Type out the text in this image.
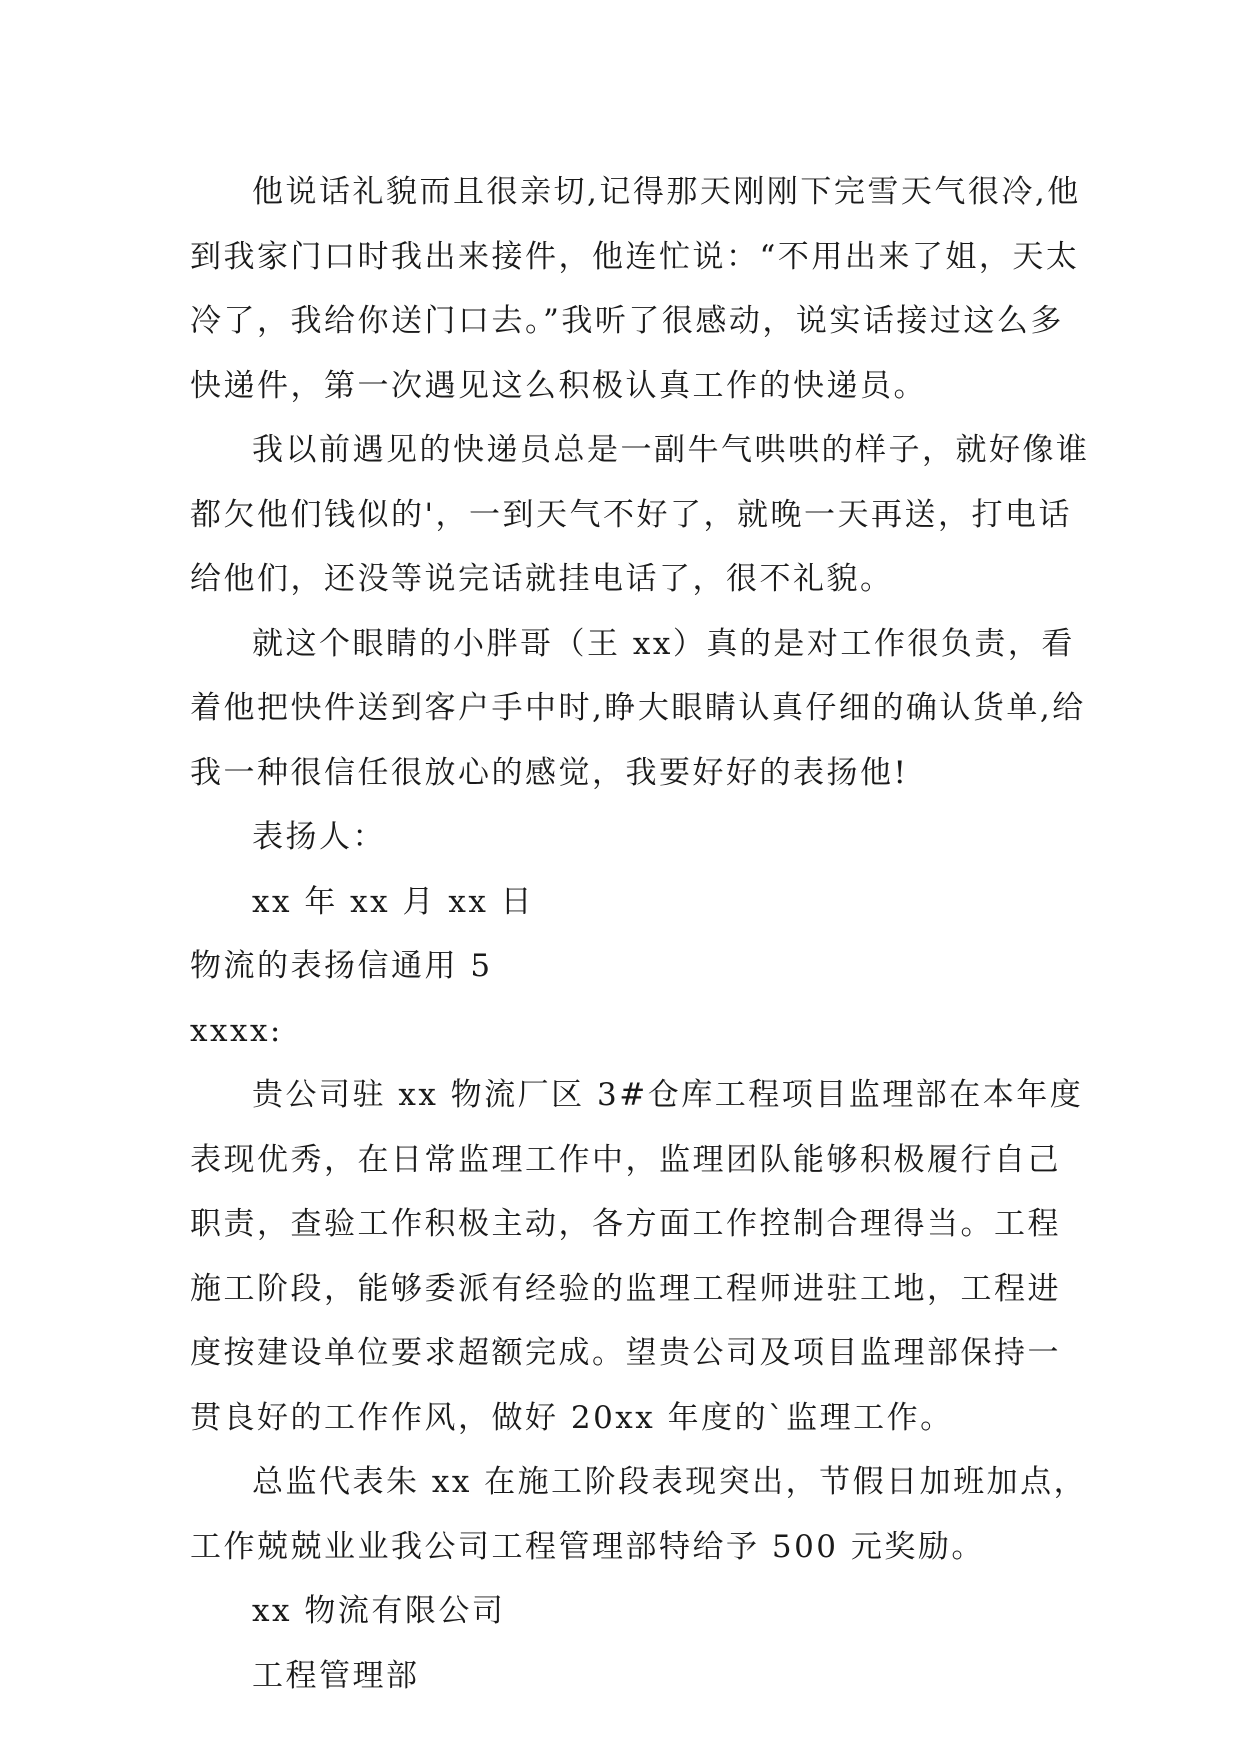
他说话礼貌而且很亲切,记得那天刚刚下完雪天气很冷,他到我家门口时我出来接件，他连忙说：“不用出来了姐，天太冷了，我给你送门口去。”我听了很感动，说实话接过这么多快递件，第一次遇见这么积极认真工作的快递员。

我以前遇见的快递员总是一副牛气哄哄的样子，就好像谁都欠他们钱似的'，一到天气不好了，就晚一天再送，打电话给他们，还没等说完话就挂电话了，很不礼貌。

就这个眼睛的小胖哥（王 xx）真的是对工作很负责，看着他把快件送到客户手中时,睁大眼睛认真仔细的确认货单,给我一种很信任很放心的感觉，我要好好的表扬他!

表扬人：

xx 年 xx 月 xx 日

物流的表扬信通用 5

xxxx:

贵公司驻 xx 物流厂区 3#仓库工程项目监理部在本年度表现优秀，在日常监理工作中，监理团队能够积极履行自己职责，查验工作积极主动，各方面工作控制合理得当。工程施工阶段，能够委派有经验的监理工程师进驻工地，工程进度按建设单位要求超额完成。望贵公司及项目监理部保持一贯良好的工作作风，做好 20xx 年度的`监理工作。

总监代表朱 xx 在施工阶段表现突出，节假日加班加点，工作兢兢业业我公司工程管理部特给予 500 元奖励。

xx 物流有限公司

工程管理部
